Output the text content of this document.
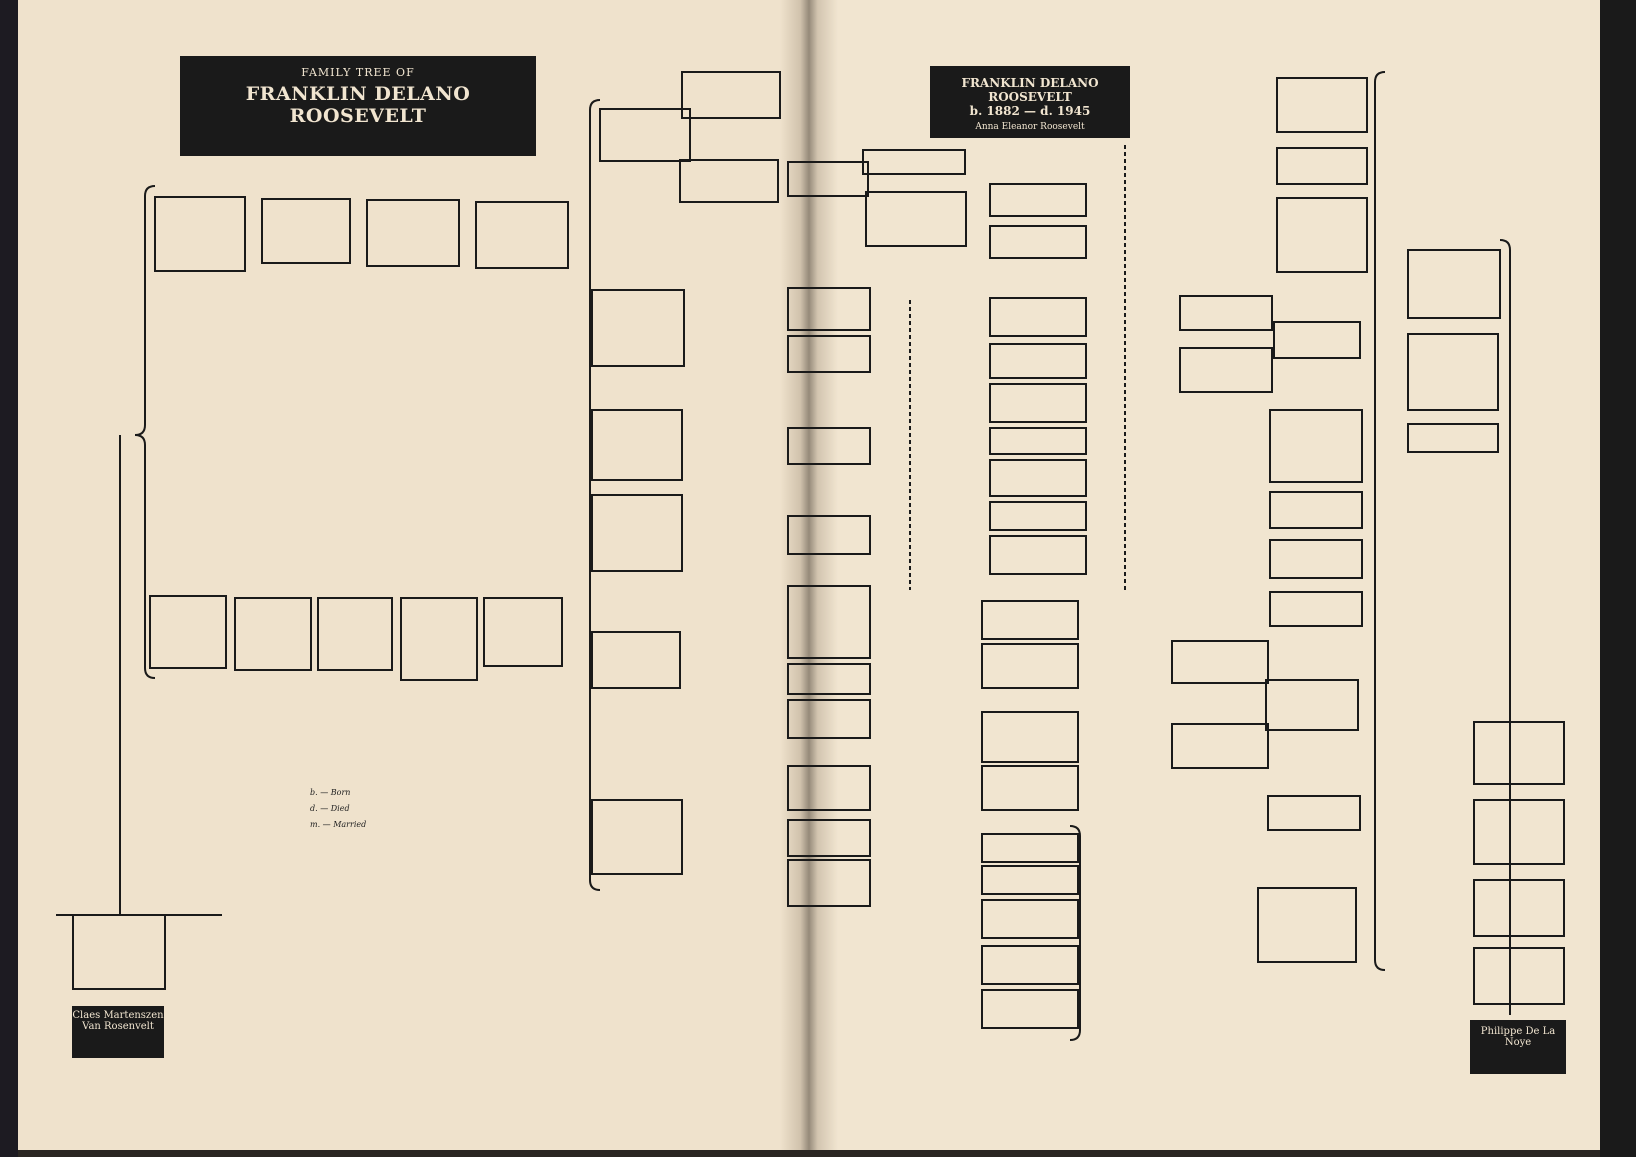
FAMILY TREE OF
FRANKLIN DELANO ROOSEVELT
FRANKLIN DELANO ROOSEVELT
b. 1882 — d. 1945
Anna Eleanor Roosevelt
Claes Martenszen Van Rosenvelt	Philippe De La Noye
b. — Born
d. — Died
m. — Married
